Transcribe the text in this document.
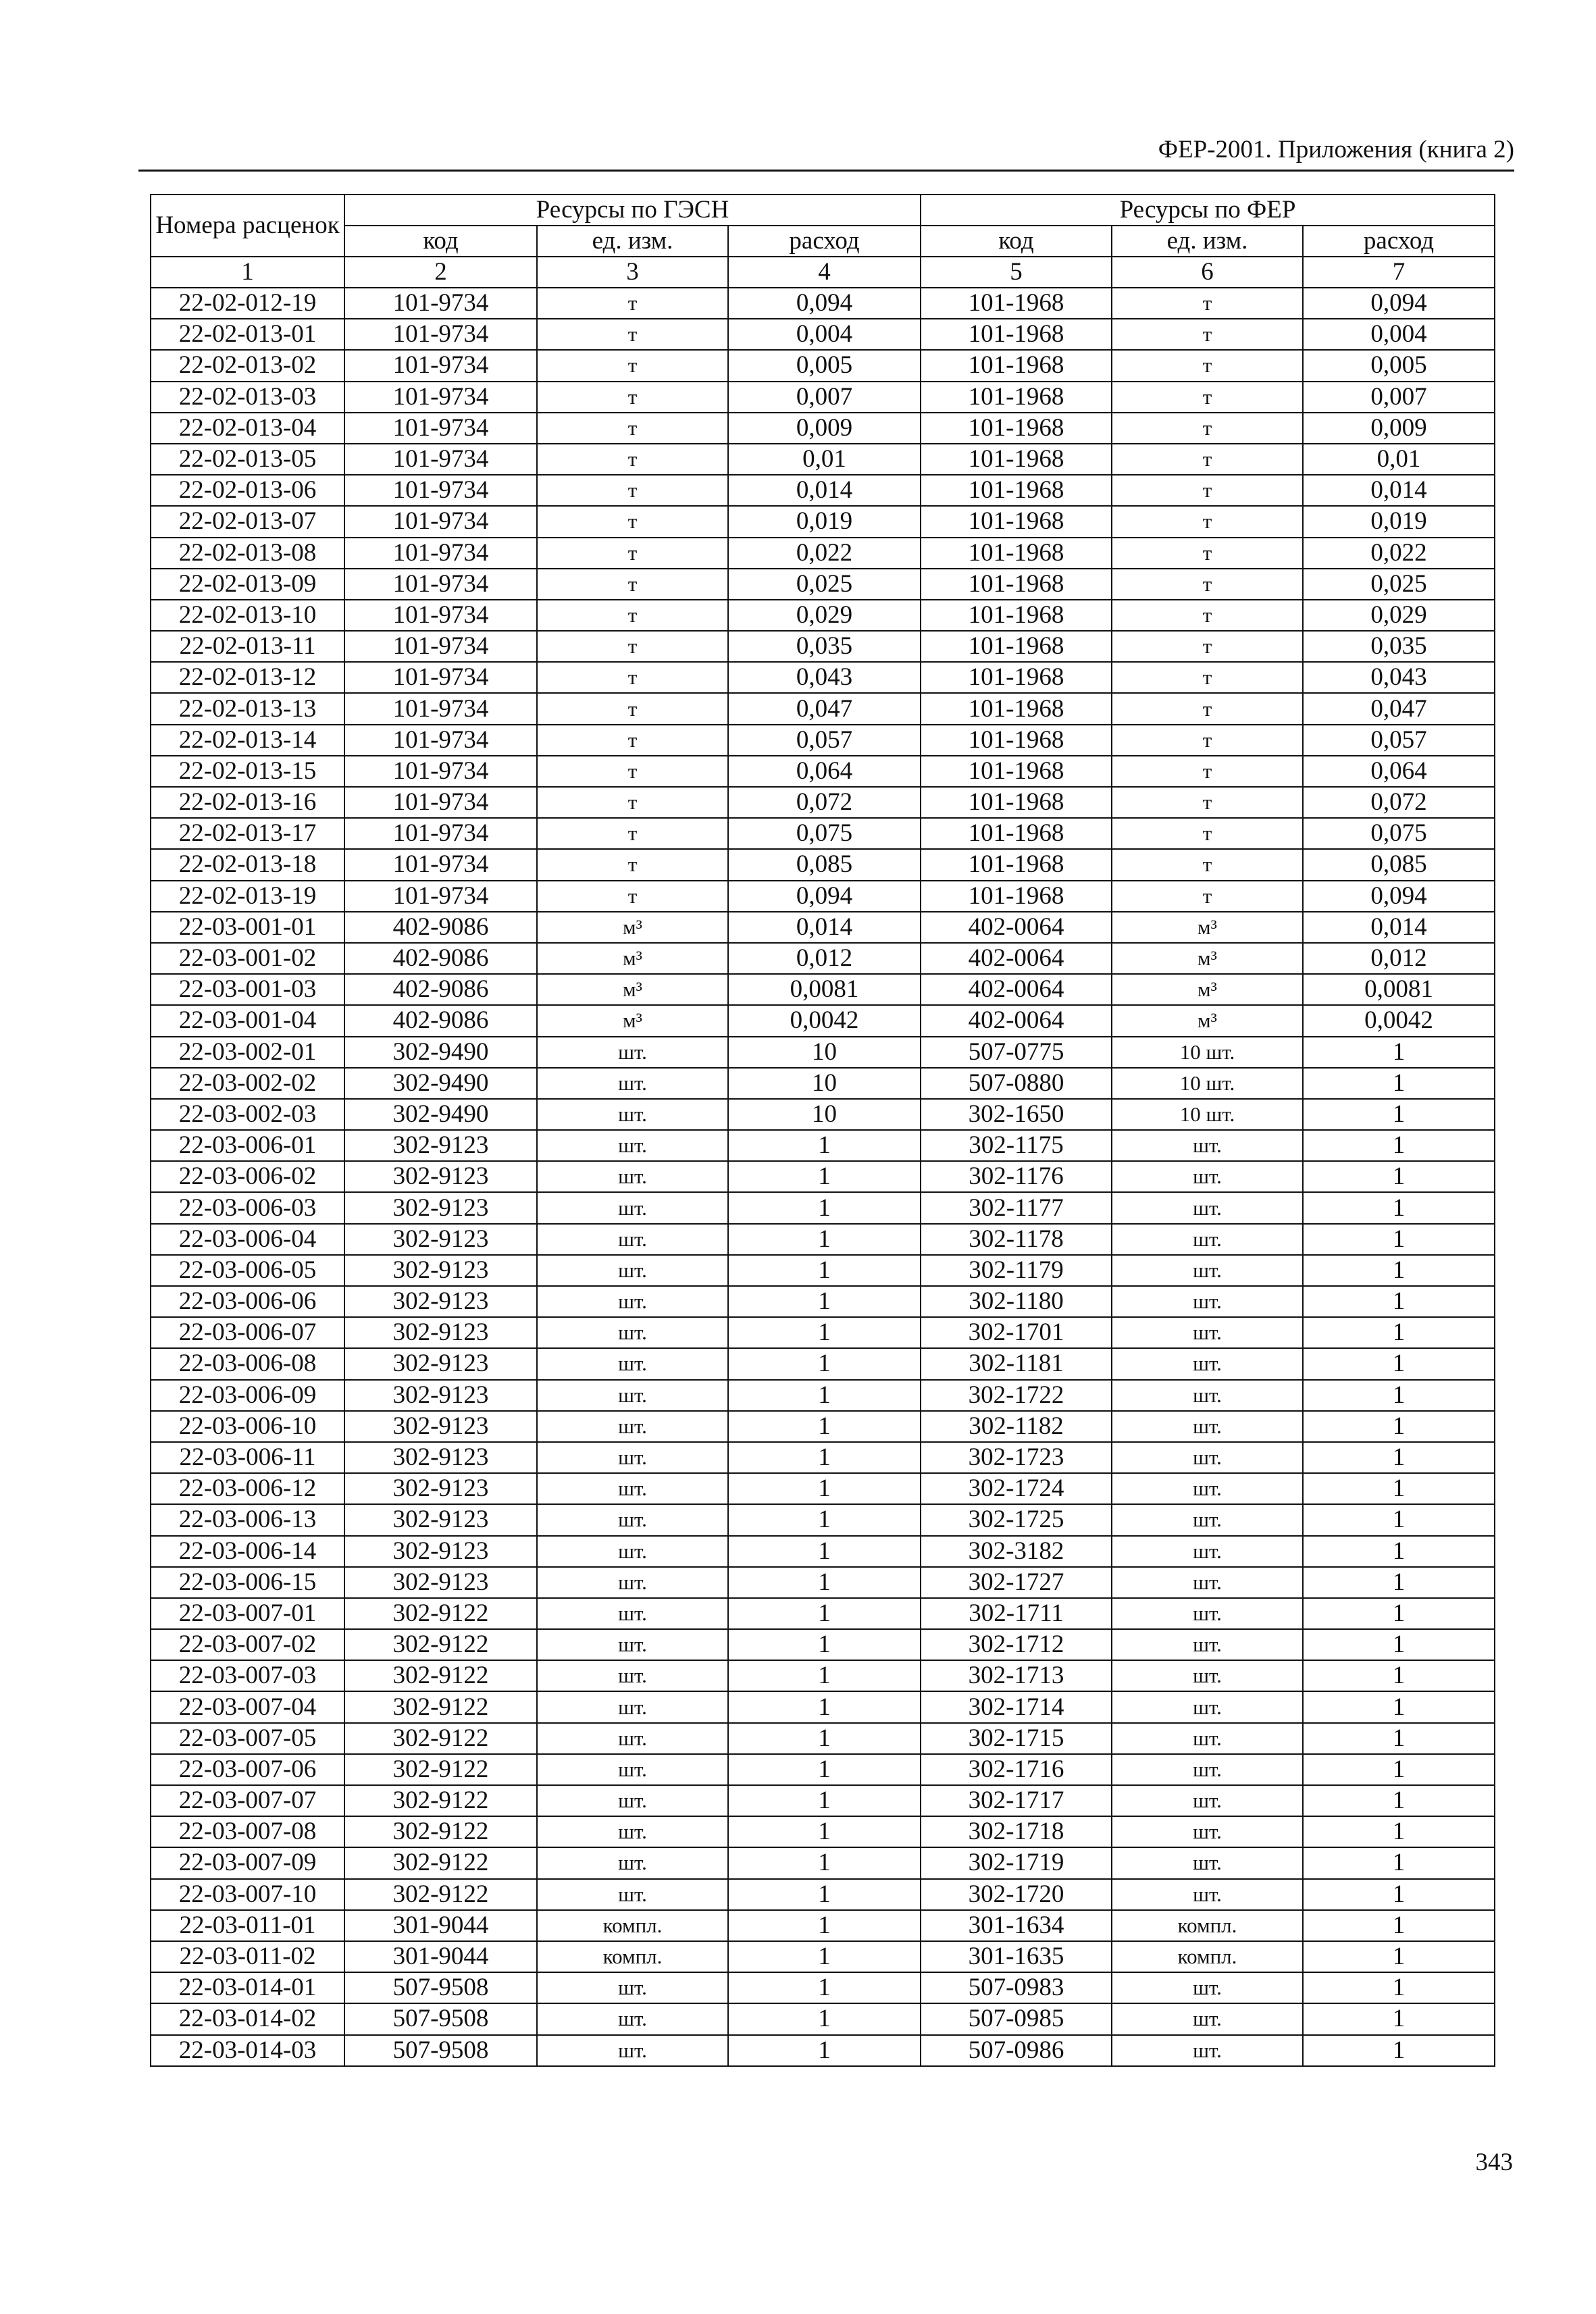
ФЕР-2001. Приложения (книга 2)
Номера расценок	Ресурсы по ГЭСН			Ресурсы по ФЕР		
	код	ед. изм.	расход	код	ед. изм.	расход
1	2	3	4	5	6	7
22-02-012-19	101-9734	т	0,094	101-1968	т	0,094
22-02-013-01	101-9734	т	0,004	101-1968	т	0,004
22-02-013-02	101-9734	т	0,005	101-1968	т	0,005
22-02-013-03	101-9734	т	0,007	101-1968	т	0,007
22-02-013-04	101-9734	т	0,009	101-1968	т	0,009
22-02-013-05	101-9734	т	0,01	101-1968	т	0,01
22-02-013-06	101-9734	т	0,014	101-1968	т	0,014
22-02-013-07	101-9734	т	0,019	101-1968	т	0,019
22-02-013-08	101-9734	т	0,022	101-1968	т	0,022
22-02-013-09	101-9734	т	0,025	101-1968	т	0,025
22-02-013-10	101-9734	т	0,029	101-1968	т	0,029
22-02-013-11	101-9734	т	0,035	101-1968	т	0,035
22-02-013-12	101-9734	т	0,043	101-1968	т	0,043
22-02-013-13	101-9734	т	0,047	101-1968	т	0,047
22-02-013-14	101-9734	т	0,057	101-1968	т	0,057
22-02-013-15	101-9734	т	0,064	101-1968	т	0,064
22-02-013-16	101-9734	т	0,072	101-1968	т	0,072
22-02-013-17	101-9734	т	0,075	101-1968	т	0,075
22-02-013-18	101-9734	т	0,085	101-1968	т	0,085
22-02-013-19	101-9734	т	0,094	101-1968	т	0,094
22-03-001-01	402-9086	м³	0,014	402-0064	м³	0,014
22-03-001-02	402-9086	м³	0,012	402-0064	м³	0,012
22-03-001-03	402-9086	м³	0,0081	402-0064	м³	0,0081
22-03-001-04	402-9086	м³	0,0042	402-0064	м³	0,0042
22-03-002-01	302-9490	шт.	10	507-0775	10 шт.	1
22-03-002-02	302-9490	шт.	10	507-0880	10 шт.	1
22-03-002-03	302-9490	шт.	10	302-1650	10 шт.	1
22-03-006-01	302-9123	шт.	1	302-1175	шт.	1
22-03-006-02	302-9123	шт.	1	302-1176	шт.	1
22-03-006-03	302-9123	шт.	1	302-1177	шт.	1
22-03-006-04	302-9123	шт.	1	302-1178	шт.	1
22-03-006-05	302-9123	шт.	1	302-1179	шт.	1
22-03-006-06	302-9123	шт.	1	302-1180	шт.	1
22-03-006-07	302-9123	шт.	1	302-1701	шт.	1
22-03-006-08	302-9123	шт.	1	302-1181	шт.	1
22-03-006-09	302-9123	шт.	1	302-1722	шт.	1
22-03-006-10	302-9123	шт.	1	302-1182	шт.	1
22-03-006-11	302-9123	шт.	1	302-1723	шт.	1
22-03-006-12	302-9123	шт.	1	302-1724	шт.	1
22-03-006-13	302-9123	шт.	1	302-1725	шт.	1
22-03-006-14	302-9123	шт.	1	302-3182	шт.	1
22-03-006-15	302-9123	шт.	1	302-1727	шт.	1
22-03-007-01	302-9122	шт.	1	302-1711	шт.	1
22-03-007-02	302-9122	шт.	1	302-1712	шт.	1
22-03-007-03	302-9122	шт.	1	302-1713	шт.	1
22-03-007-04	302-9122	шт.	1	302-1714	шт.	1
22-03-007-05	302-9122	шт.	1	302-1715	шт.	1
22-03-007-06	302-9122	шт.	1	302-1716	шт.	1
22-03-007-07	302-9122	шт.	1	302-1717	шт.	1
22-03-007-08	302-9122	шт.	1	302-1718	шт.	1
22-03-007-09	302-9122	шт.	1	302-1719	шт.	1
22-03-007-10	302-9122	шт.	1	302-1720	шт.	1
22-03-011-01	301-9044	компл.	1	301-1634	компл.	1
22-03-011-02	301-9044	компл.	1	301-1635	компл.	1
22-03-014-01	507-9508	шт.	1	507-0983	шт.	1
22-03-014-02	507-9508	шт.	1	507-0985	шт.	1
22-03-014-03	507-9508	шт.	1	507-0986	шт.	1
343
